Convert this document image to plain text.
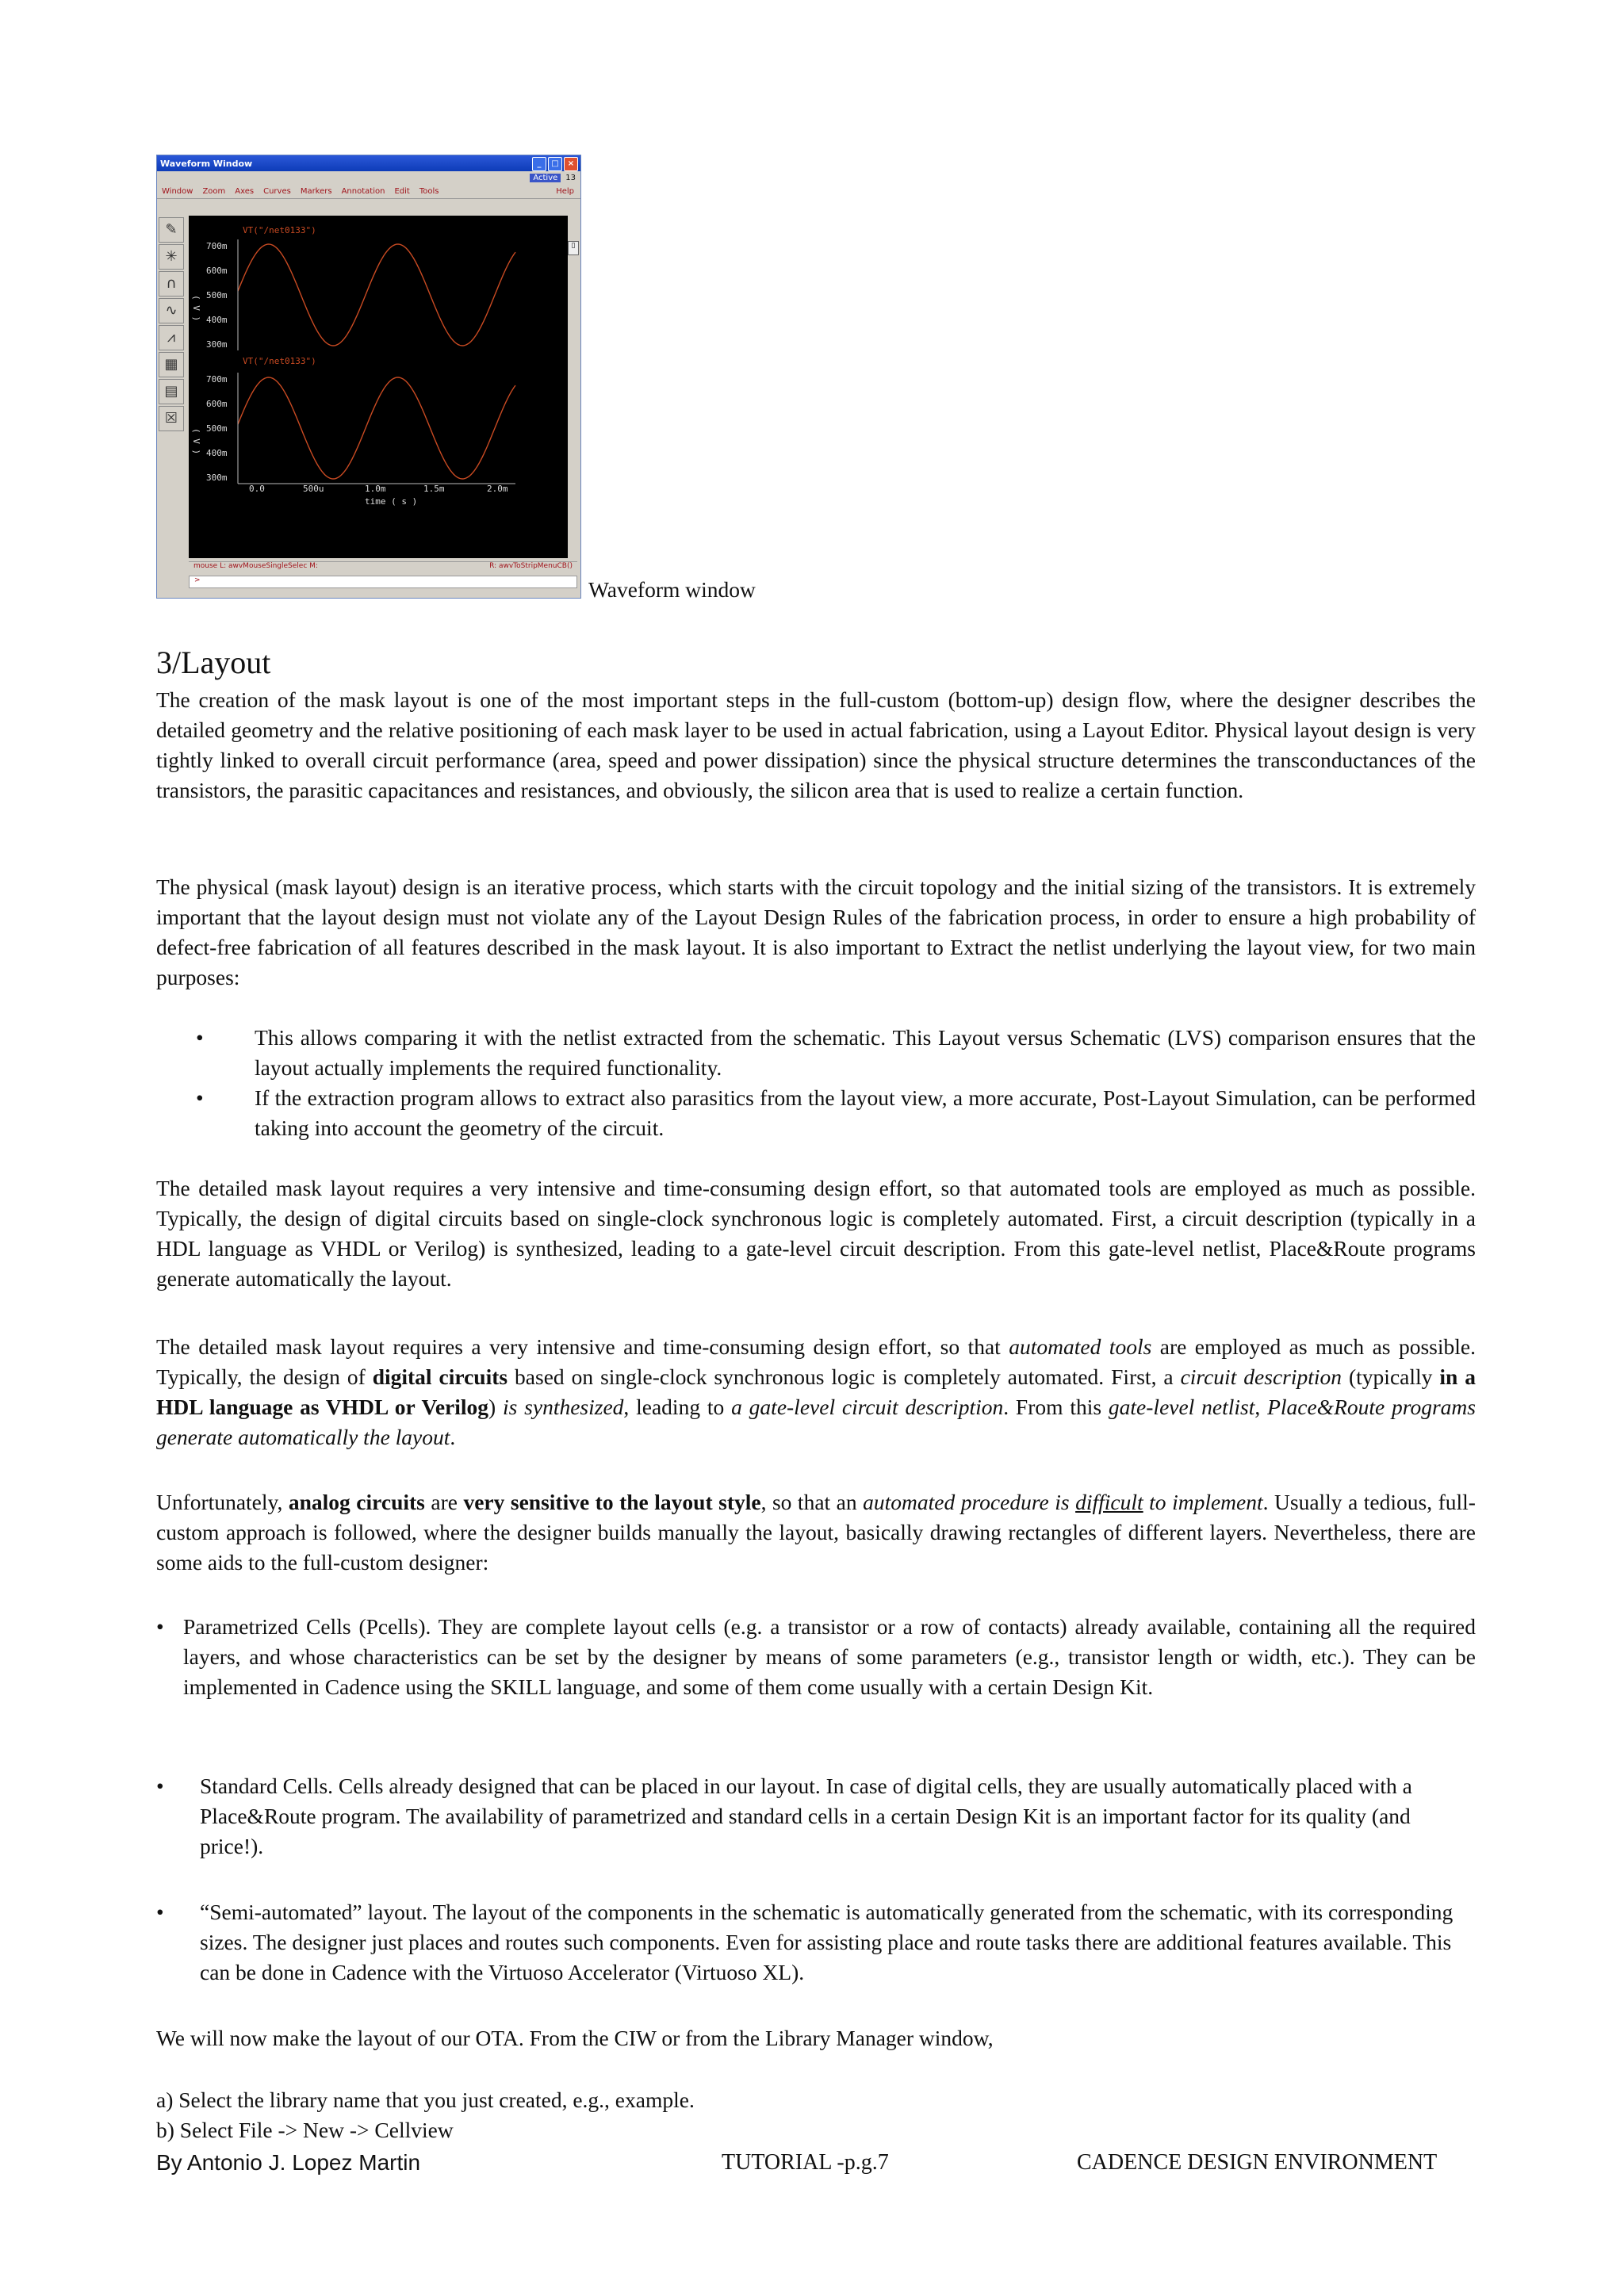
Waveform Window	_	□	×
Active	13
Window Zoom Axes Curves Markers Annotation Edit Tools	Help
✎
✳
∩
∿
⩘
▦
▤
☒
VT("/net0133")
VT("/net0133")
700m
600m
500m
400m
300m
700m
600m
500m
400m
300m
( V )
( V )
0.0	500u	1.0m	1.5m	2.0m
time ( s )
▯
mouse L: awvMouseSingleSelec M:	R: awvToStripMenuCB()
>	Waveform window
3/Layout

The creation of the mask layout is one of the most important steps in the full-custom (bottom-up) design flow, where the designer describes the detailed geometry and the relative positioning of each mask layer to be used in actual fabrication, using a Layout Editor. Physical layout design is very tightly linked to overall circuit performance (area, speed and power dissipation) since the physical structure determines the transconductances of the transistors, the parasitic capacitances and resistances, and obviously, the silicon area that is used to realize a certain function.

The physical (mask layout) design is an iterative process, which starts with the circuit topology and the initial sizing of the transistors. It is extremely important that the layout design must not violate any of the Layout Design Rules of the fabrication process, in order to ensure a high probability of defect-free fabrication of all features described in the mask layout. It is also important to Extract the netlist underlying the layout view, for two main purposes:

• This allows comparing it with the netlist extracted from the schematic. This Layout versus Schematic (LVS) comparison ensures that the layout actually implements the required functionality.
• If the extraction program allows to extract also parasitics from the layout view, a more accurate, Post-Layout Simulation, can be performed taking into account the geometry of the circuit.

The detailed mask layout requires a very intensive and time-consuming design effort, so that automated tools are employed as much as possible. Typically, the design of digital circuits based on single-clock synchronous logic is completely automated. First, a circuit description (typically in a HDL language as VHDL or Verilog) is synthesized, leading to a gate-level circuit description. From this gate-level netlist, Place&Route programs generate automatically the layout.

The detailed mask layout requires a very intensive and time-consuming design effort, so that automated tools are employed as much as possible. Typically, the design of digital circuits based on single-clock synchronous logic is completely automated. First, a circuit description (typically in a HDL language as VHDL or Verilog) is synthesized, leading to a gate-level circuit description. From this gate-level netlist, Place&Route programs generate automatically the layout.

Unfortunately, analog circuits are very sensitive to the layout style, so that an automated procedure is difficult to implement. Usually a tedious, full-custom approach is followed, where the designer builds manually the layout, basically drawing rectangles of different layers. Nevertheless, there are some aids to the full-custom designer:

• Parametrized Cells (Pcells). They are complete layout cells (e.g. a transistor or a row of contacts) already available, containing all the required layers, and whose characteristics can be set by the designer by means of some parameters (e.g., transistor length or width, etc.). They can be implemented in Cadence using the SKILL language, and some of them come usually with a certain Design Kit.
• Standard Cells. Cells already designed that can be placed in our layout. In case of digital cells, they are usually automatically placed with a Place&Route program. The availability of parametrized and standard cells in a certain Design Kit is an important factor for its quality (and price!).
• “Semi-automated” layout. The layout of the components in the schematic is automatically generated from the schematic, with its corresponding sizes. The designer just places and routes such components. Even for assisting place and route tasks there are additional features available. This can be done in Cadence with the Virtuoso Accelerator (Virtuoso XL).

We will now make the layout of our OTA. From the CIW or from the Library Manager window,

a) Select the library name that you just created, e.g., example.

b) Select File -> New -> Cellview

By Antonio J. Lopez Martin	TUTORIAL -p.g.7	CADENCE DESIGN ENVIRONMENT
